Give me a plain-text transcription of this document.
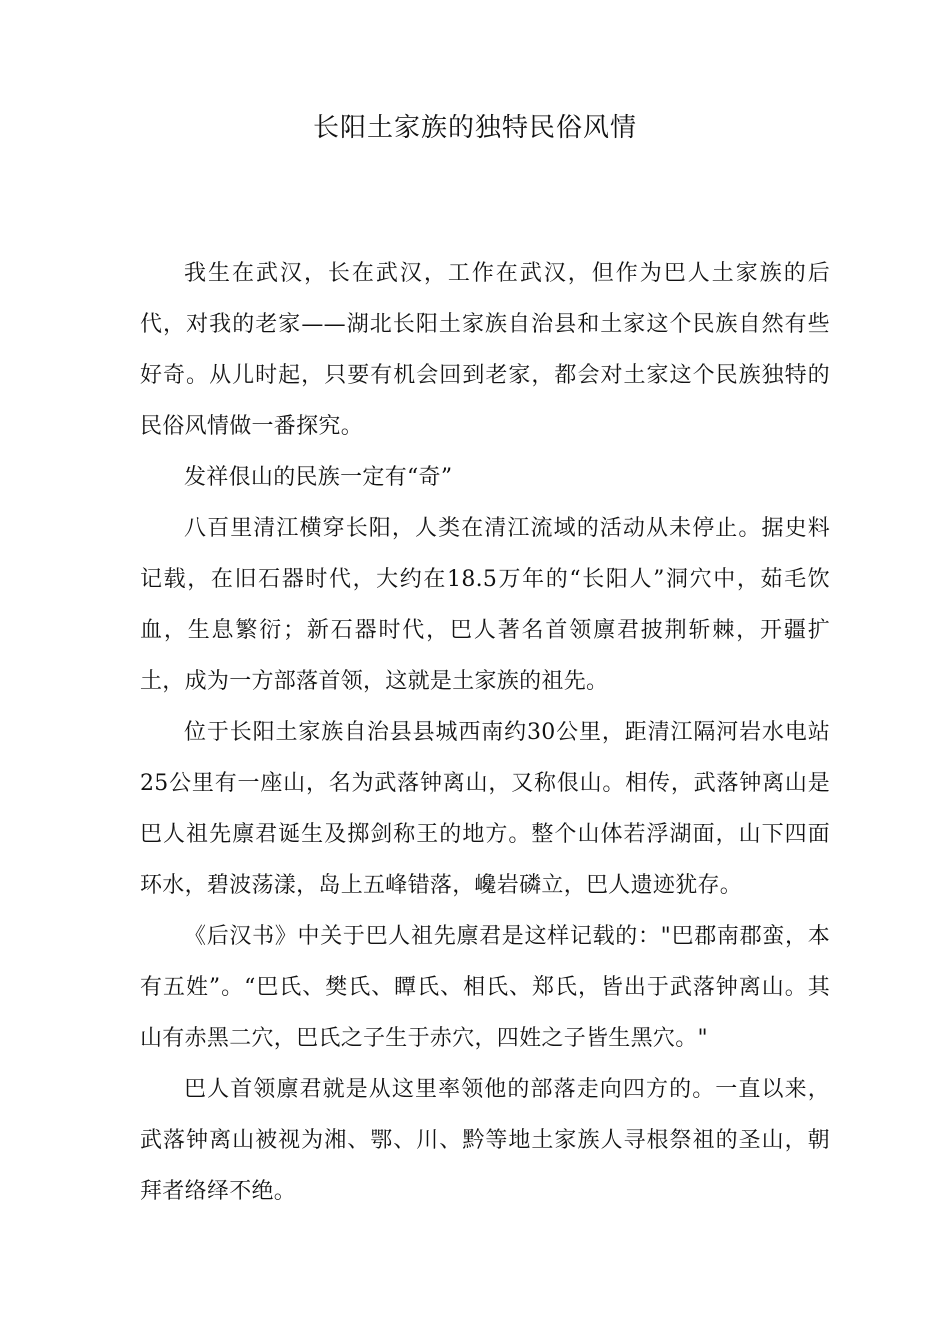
长阳土家族的独特民俗风情

我生在武汉，长在武汉，工作在武汉，但作为巴人土家族的后代，对我的老家——湖北长阳土家族自治县和土家这个民族自然有些好奇。从儿时起，只要有机会回到老家，都会对土家这个民族独特的民俗风情做一番探究。

发祥佷山的民族一定有“奇”

八百里清江横穿长阳，人类在清江流域的活动从未停止。据史料记载，在旧石器时代，大约在18.5万年的“长阳人”洞穴中，茹毛饮血，生息繁衍；新石器时代，巴人著名首领廪君披荆斩棘，开疆扩土，成为一方部落首领，这就是土家族的祖先。

位于长阳土家族自治县县城西南约30公里，距清江隔河岩水电站25公里有一座山，名为武落钟离山，又称佷山。相传，武落钟离山是巴人祖先廪君诞生及掷剑称王的地方。整个山体若浮湖面，山下四面环水，碧波荡漾，岛上五峰错落，巉岩磷立，巴人遗迹犹存。

《后汉书》中关于巴人祖先廪君是这样记载的："巴郡南郡蛮，本有五姓”。“巴氏、樊氏、瞫氏、相氏、郑氏，皆出于武落钟离山。其山有赤黑二穴，巴氏之子生于赤穴，四姓之子皆生黑穴。"

巴人首领廪君就是从这里率领他的部落走向四方的。一直以来，武落钟离山被视为湘、鄂、川、黔等地土家族人寻根祭祖的圣山，朝拜者络绎不绝。
